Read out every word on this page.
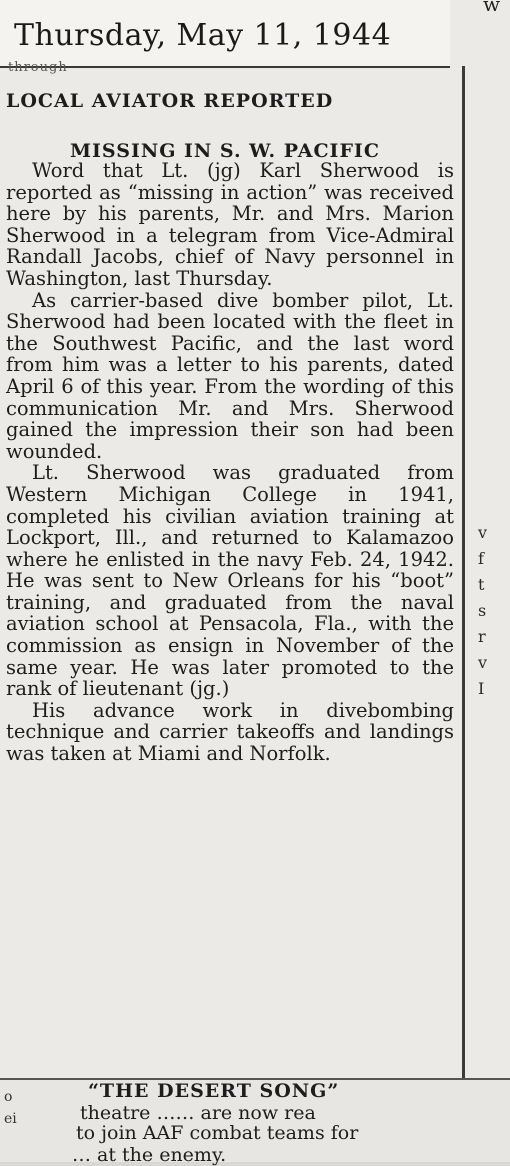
Thursday, May 11, 1944
w
through
LOCAL AVIATOR REPORTED
MISSING IN S. W. PACIFIC

Word that Lt. (jg) Karl Sherwood is reported as “missing in action” was received here by his parents, Mr. and Mrs. Marion Sherwood in a telegram from Vice-Admiral Randall Jacobs, chief of Navy personnel in Washington, last Thursday.

As carrier-based dive bomber pilot, Lt. Sherwood had been located with the fleet in the Southwest Pacific, and the last word from him was a letter to his parents, dated April 6 of this year. From the wording of this communication Mr. and Mrs. Sherwood gained the impression their son had been wounded.

Lt. Sherwood was graduated from Western Michigan College in 1941, completed his civilian aviation training at Lockport, Ill., and returned to Kalamazoo where he enlisted in the navy Feb. 24, 1942. He was sent to New Orleans for his “boot” training, and graduated from the naval aviation school at Pensacola, Fla., with the commission as ensign in November of the same year. He was later promoted to the rank of lieutenant (jg.)

His advance work in divebombing technique and carrier takeoffs and landings was taken at Miami and Norfolk.

v
f
t
s
r
v
I
o
ei
“THE DESERT SONG”
theatre …… are now rea
to join AAF combat teams for
… at the enemy.
